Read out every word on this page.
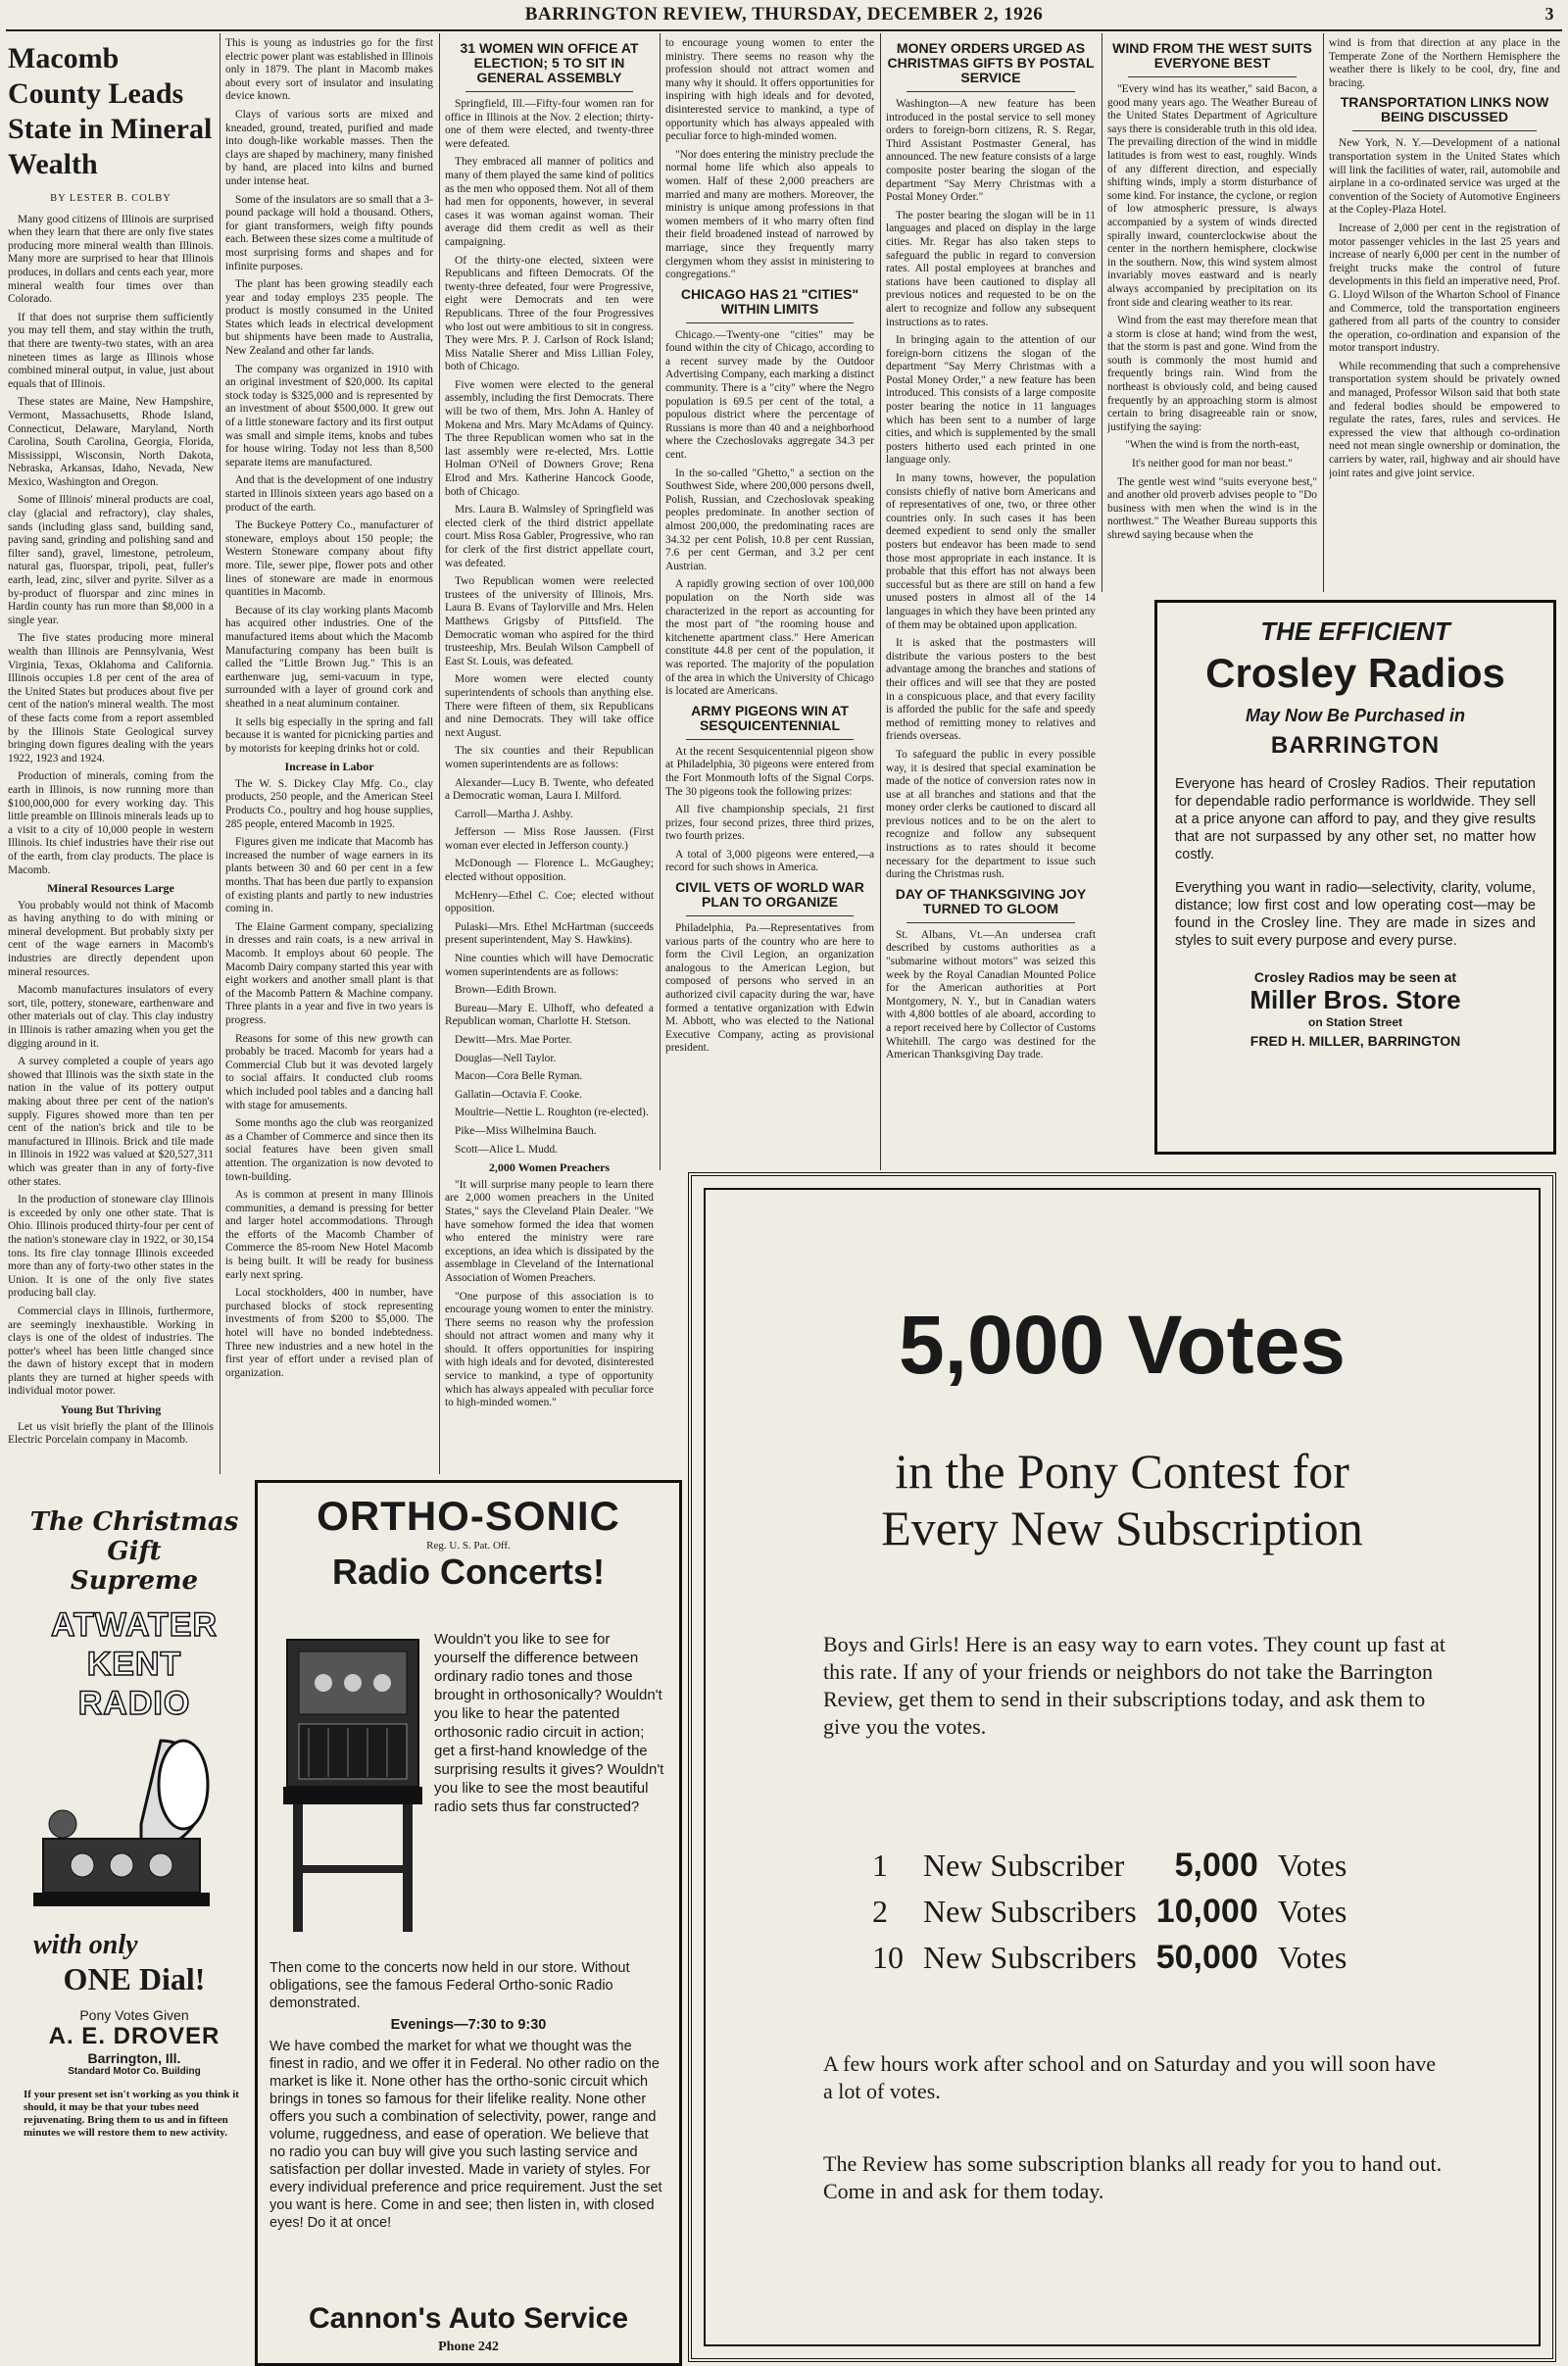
BARRINGTON REVIEW, THURSDAY, DECEMBER 2, 1926	3
Macomb County Leads State in Mineral Wealth
BY LESTER B. COLBY

Many good citizens of Illinois are surprised when they learn that there are only five states producing more mineral wealth than Illinois. Many more are surprised to hear that Illinois produces, in dollars and cents each year, more mineral wealth four times over than Colorado.

If that does not surprise them sufficiently you may tell them, and stay within the truth, that there are twenty-two states, with an area nineteen times as large as Illinois whose combined mineral output, in value, just about equals that of Illinois.

These states are Maine, New Hampshire, Vermont, Massachusetts, Rhode Island, Connecticut, Delaware, Maryland, North Carolina, South Carolina, Georgia, Florida, Mississippi, Wisconsin, North Dakota, Nebraska, Arkansas, Idaho, Nevada, New Mexico, Washington and Oregon.

Some of Illinois' mineral products are coal, clay (glacial and refractory), clay shales, sands (including glass sand, building sand, paving sand, grinding and polishing sand and filter sand), gravel, limestone, petroleum, natural gas, fluorspar, tripoli, peat, fuller's earth, lead, zinc, silver and pyrite. Silver as a by-product of fluorspar and zinc mines in Hardin county has run more than $8,000 in a single year.

The five states producing more mineral wealth than Illinois are Pennsylvania, West Virginia, Texas, Oklahoma and California. Illinois occupies 1.8 per cent of the area of the United States but produces about five per cent of the nation's mineral wealth. The most of these facts come from a report assembled by the Illinois State Geological survey bringing down figures dealing with the years 1922, 1923 and 1924.

Production of minerals, coming from the earth in Illinois, is now running more than $100,000,000 for every working day. This little preamble on Illinois minerals leads up to a visit to a city of 10,000 people in western Illinois. Its chief industries have their rise out of the earth, from clay products. The place is Macomb.

Mineral Resources Large

You probably would not think of Macomb as having anything to do with mining or mineral development. But probably sixty per cent of the wage earners in Macomb's industries are directly dependent upon mineral resources.

Macomb manufactures insulators of every sort, tile, pottery, stoneware, earthenware and other materials out of clay. This clay industry in Illinois is rather amazing when you get the digging around in it.

A survey completed a couple of years ago showed that Illinois was the sixth state in the nation in the value of its pottery output making about three per cent of the nation's supply. Figures showed more than ten per cent of the nation's brick and tile to be manufactured in Illinois. Brick and tile made in Illinois in 1922 was valued at $20,527,311 which was greater than in any of forty-five other states.

In the production of stoneware clay Illinois is exceeded by only one other state. That is Ohio. Illinois produced thirty-four per cent of the nation's stoneware clay in 1922, or 30,154 tons. Its fire clay tonnage Illinois exceeded more than any of forty-two other states in the Union. It is one of the only five states producing ball clay.

Commercial clays in Illinois, furthermore, are seemingly inexhaustible. Working in clays is one of the oldest of industries. The potter's wheel has been little changed since the dawn of history except that in modern plants they are turned at higher speeds with individual motor power.

Young But Thriving

Let us visit briefly the plant of the Illinois Electric Porcelain company in Macomb.

This is young as industries go for the first electric power plant was established in Illinois only in 1879. The plant in Macomb makes about every sort of insulator and insulating device known.

Clays of various sorts are mixed and kneaded, ground, treated, purified and made into dough-like workable masses. Then the clays are shaped by machinery, many finished by hand, are placed into kilns and burned under intense heat.

Some of the insulators are so small that a 3-pound package will hold a thousand. Others, for giant transformers, weigh fifty pounds each. Between these sizes come a multitude of most surprising forms and shapes and for infinite purposes.

The plant has been growing steadily each year and today employs 235 people. The product is mostly consumed in the United States which leads in electrical development but shipments have been made to Australia, New Zealand and other far lands.

The company was organized in 1910 with an original investment of $20,000. Its capital stock today is $325,000 and is represented by an investment of about $500,000. It grew out of a little stoneware factory and its first output was small and simple items, knobs and tubes for house wiring. Today not less than 8,500 separate items are manufactured.

And that is the development of one industry started in Illinois sixteen years ago based on a product of the earth.

The Buckeye Pottery Co., manufacturer of stoneware, employs about 150 people; the Western Stoneware company about fifty more. Tile, sewer pipe, flower pots and other lines of stoneware are made in enormous quantities in Macomb.

Because of its clay working plants Macomb has acquired other industries. One of the manufactured items about which the Macomb Manufacturing company has been built is called the "Little Brown Jug." This is an earthenware jug, semi-vacuum in type, surrounded with a layer of ground cork and sheathed in a neat aluminum container.

It sells big especially in the spring and fall because it is wanted for picnicking parties and by motorists for keeping drinks hot or cold.

Increase in Labor

The W. S. Dickey Clay Mfg. Co., clay products, 250 people, and the American Steel Products Co., poultry and hog house supplies, 285 people, entered Macomb in 1925.

Figures given me indicate that Macomb has increased the number of wage earners in its plants between 30 and 60 per cent in a few months. That has been due partly to expansion of existing plants and partly to new industries coming in.

The Elaine Garment company, specializing in dresses and rain coats, is a new arrival in Macomb. It employs about 60 people. The Macomb Dairy company started this year with eight workers and another small plant is that of the Macomb Pattern & Machine company. Three plants in a year and five in two years is progress.

Reasons for some of this new growth can probably be traced. Macomb for years had a Commercial Club but it was devoted largely to social affairs. It conducted club rooms which included pool tables and a dancing hall with stage for amusements.

Some months ago the club was reorganized as a Chamber of Commerce and since then its social features have been given small attention. The organization is now devoted to town-building.

As is common at present in many Illinois communities, a demand is pressing for better and larger hotel accommodations. Through the efforts of the Macomb Chamber of Commerce the 85-room New Hotel Macomb is being built. It will be ready for business early next spring.

Local stockholders, 400 in number, have purchased blocks of stock representing investments of from $200 to $5,000. The hotel will have no bonded indebtedness. Three new industries and a new hotel in the first year of effort under a revised plan of organization.

31 WOMEN WIN OFFICE AT ELECTION; 5 TO SIT IN GENERAL ASSEMBLY

Springfield, Ill.—Fifty-four women ran for office in Illinois at the Nov. 2 election; thirty-one of them were elected, and twenty-three were defeated.

They embraced all manner of politics and many of them played the same kind of politics as the men who opposed them. Not all of them had men for opponents, however, in several cases it was woman against woman. Their average did them credit as well as their campaigning.

Of the thirty-one elected, sixteen were Republicans and fifteen Democrats. Of the twenty-three defeated, four were Progressive, eight were Democrats and ten were Republicans. Three of the four Progressives who lost out were ambitious to sit in congress. They were Mrs. P. J. Carlson of Rock Island; Miss Natalie Sherer and Miss Lillian Foley, both of Chicago.

Five women were elected to the general assembly, including the first Democrats. There will be two of them, Mrs. John A. Hanley of Mokena and Mrs. Mary McAdams of Quincy. The three Republican women who sat in the last assembly were re-elected, Mrs. Lottie Holman O'Neil of Downers Grove; Rena Elrod and Mrs. Katherine Hancock Goode, both of Chicago.

Mrs. Laura B. Walmsley of Springfield was elected clerk of the third district appellate court. Miss Rosa Gabler, Progressive, who ran for clerk of the first district appellate court, was defeated.

Two Republican women were reelected trustees of the university of Illinois, Mrs. Laura B. Evans of Taylorville and Mrs. Helen Matthews Grigsby of Pittsfield. The Democratic woman who aspired for the third trusteeship, Mrs. Beulah Wilson Campbell of East St. Louis, was defeated.

More women were elected county superintendents of schools than anything else. There were fifteen of them, six Republicans and nine Democrats. They will take office next August.

The six counties and their Republican women superintendents are as follows:

Alexander—Lucy B. Twente, who defeated a Democratic woman, Laura I. Milford.

Carroll—Martha J. Ashby.

Jefferson — Miss Rose Jaussen. (First woman ever elected in Jefferson county.)

McDonough — Florence L. McGaughey; elected without opposition.

McHenry—Ethel C. Coe; elected without opposition.

Pulaski—Mrs. Ethel McHartman (succeeds present superintendent, May S. Hawkins).

Nine counties which will have Democratic women superintendents are as follows:

Brown—Edith Brown.

Bureau—Mary E. Ulhoff, who defeated a Republican woman, Charlotte H. Stetson.

Dewitt—Mrs. Mae Porter.

Douglas—Nell Taylor.

Macon—Cora Belle Ryman.

Gallatin—Octavia F. Cooke.

Moultrie—Nettie L. Roughton (re-elected).

Pike—Miss Wilhelmina Bauch.

Scott—Alice L. Mudd.

2,000 Women Preachers

"It will surprise many people to learn there are 2,000 women preachers in the United States," says the Cleveland Plain Dealer. "We have somehow formed the idea that women who entered the ministry were rare exceptions, an idea which is dissipated by the assemblage in Cleveland of the International Association of Women Preachers.

"One purpose of this association is to encourage young women to enter the ministry. There seems no reason why the profession should not attract women and many why it should. It offers opportunities for inspiring with high ideals and for devoted, disinterested service to mankind, a type of opportunity which has always appealed with peculiar force to high-minded women."

to encourage young women to enter the ministry. There seems no reason why the profession should not attract women and many why it should. It offers opportunities for inspiring with high ideals and for devoted, disinterested service to mankind, a type of opportunity which has always appealed with peculiar force to high-minded women.

"Nor does entering the ministry preclude the normal home life which also appeals to women. Half of these 2,000 preachers are married and many are mothers. Moreover, the ministry is unique among professions in that women members of it who marry often find their field broadened instead of narrowed by marriage, since they frequently marry clergymen whom they assist in ministering to congregations."

CHICAGO HAS 21 "CITIES" WITHIN LIMITS

Chicago.—Twenty-one "cities" may be found within the city of Chicago, according to a recent survey made by the Outdoor Advertising Company, each marking a distinct community. There is a "city" where the Negro population is 69.5 per cent of the total, a populous district where the percentage of Russians is more than 40 and a neighborhood where the Czechoslovaks aggregate 34.3 per cent.

In the so-called "Ghetto," a section on the Southwest Side, where 200,000 persons dwell, Polish, Russian, and Czechoslovak speaking peoples predominate. In another section of almost 200,000, the predominating races are 34.32 per cent Polish, 10.8 per cent Russian, 7.6 per cent German, and 3.2 per cent Austrian.

A rapidly growing section of over 100,000 population on the North side was characterized in the report as accounting for the most part of "the rooming house and kitchenette apartment class." Here American constitute 44.8 per cent of the population, it was reported. The majority of the population of the area in which the University of Chicago is located are Americans.

ARMY PIGEONS WIN AT SESQUICENTENNIAL

At the recent Sesquicentennial pigeon show at Philadelphia, 30 pigeons were entered from the Fort Monmouth lofts of the Signal Corps. The 30 pigeons took the following prizes:

All five championship specials, 21 first prizes, four second prizes, three third prizes, two fourth prizes.

A total of 3,000 pigeons were entered,—a record for such shows in America.

CIVIL VETS OF WORLD WAR PLAN TO ORGANIZE

Philadelphia, Pa.—Representatives from various parts of the country who are here to form the Civil Legion, an organization analogous to the American Legion, but composed of persons who served in an authorized civil capacity during the war, have formed a tentative organization with Edwin M. Abbott, who was elected to the National Executive Company, acting as provisional president.

MONEY ORDERS URGED AS CHRISTMAS GIFTS BY POSTAL SERVICE

Washington—A new feature has been introduced in the postal service to sell money orders to foreign-born citizens, R. S. Regar, Third Assistant Postmaster General, has announced. The new feature consists of a large composite poster bearing the slogan of the department "Say Merry Christmas with a Postal Money Order."

The poster bearing the slogan will be in 11 languages and placed on display in the large cities. Mr. Regar has also taken steps to safeguard the public in regard to conversion rates. All postal employees at branches and stations have been cautioned to display all previous notices and requested to be on the alert to recognize and follow any subsequent instructions as to rates.

In bringing again to the attention of our foreign-born citizens the slogan of the department "Say Merry Christmas with a Postal Money Order," a new feature has been introduced. This consists of a large composite poster bearing the notice in 11 languages which has been sent to a number of large cities, and which is supplemented by the small posters hitherto used each printed in one language only.

In many towns, however, the population consists chiefly of native born Americans and of representatives of one, two, or three other countries only. In such cases it has been deemed expedient to send only the smaller posters but endeavor has been made to send those most appropriate in each instance. It is probable that this effort has not always been successful but as there are still on hand a few unused posters in almost all of the 14 languages in which they have been printed any of them may be obtained upon application.

It is asked that the postmasters will distribute the various posters to the best advantage among the branches and stations of their offices and will see that they are posted in a conspicuous place, and that every facility is afforded the public for the safe and speedy method of remitting money to relatives and friends overseas.

To safeguard the public in every possible way, it is desired that special examination be made of the notice of conversion rates now in use at all branches and stations and that the money order clerks be cautioned to discard all previous notices and to be on the alert to recognize and follow any subsequent instructions as to rates should it become necessary for the department to issue such during the Christmas rush.

DAY OF THANKSGIVING JOY TURNED TO GLOOM

St. Albans, Vt.—An undersea craft described by customs authorities as a "submarine without motors" was seized this week by the Royal Canadian Mounted Police for the American authorities at Port Montgomery, N. Y., but in Canadian waters with 4,800 bottles of ale aboard, according to a report received here by Collector of Customs Whitehill. The cargo was destined for the American Thanksgiving Day trade.

WIND FROM THE WEST SUITS EVERYONE BEST

"Every wind has its weather," said Bacon, a good many years ago. The Weather Bureau of the United States Department of Agriculture says there is considerable truth in this old idea. The prevailing direction of the wind in middle latitudes is from west to east, roughly. Winds of any different direction, and especially shifting winds, imply a storm disturbance of some kind. For instance, the cyclone, or region of low atmospheric pressure, is always accompanied by a system of winds directed spirally inward, counterclockwise about the center in the northern hemisphere, clockwise in the southern. Now, this wind system almost invariably moves eastward and is nearly always accompanied by precipitation on its front side and clearing weather to its rear.

Wind from the east may therefore mean that a storm is close at hand; wind from the west, that the storm is past and gone. Wind from the south is commonly the most humid and frequently brings rain. Wind from the northeast is obviously cold, and being caused frequently by an approaching storm is almost certain to bring disagreeable rain or snow, justifying the saying:

"When the wind is from the north-east,

It's neither good for man nor beast."

The gentle west wind "suits everyone best," and another old proverb advises people to "Do business with men when the wind is in the northwest." The Weather Bureau supports this shrewd saying because when the

wind is from that direction at any place in the Temperate Zone of the Northern Hemisphere the weather there is likely to be cool, dry, fine and bracing.

TRANSPORTATION LINKS NOW BEING DISCUSSED

New York, N. Y.—Development of a national transportation system in the United States which will link the facilities of water, rail, automobile and airplane in a co-ordinated service was urged at the convention of the Society of Automotive Engineers at the Copley-Plaza Hotel.

Increase of 2,000 per cent in the registration of motor passenger vehicles in the last 25 years and increase of nearly 6,000 per cent in the number of freight trucks make the control of future developments in this field an imperative need, Prof. G. Lloyd Wilson of the Wharton School of Finance and Commerce, told the transportation engineers gathered from all parts of the country to consider the operation, co-ordination and expansion of the motor transport industry.

While recommending that such a comprehensive transportation system should be privately owned and managed, Professor Wilson said that both state and federal bodies should be empowered to regulate the rates, fares, rules and services. He expressed the view that although co-ordination need not mean single ownership or domination, the carriers by water, rail, highway and air should have joint rates and give joint service.

The Christmas
Gift
Supreme
ATWATER
KENT
RADIO
with only
ONE Dial!
Pony Votes Given
A. E. DROVER
Barrington, Ill.
Standard Motor Co. Building
If your present set isn't working as you think it should, it may be that your tubes need rejuvenating. Bring them to us and in fifteen minutes we will restore them to new activity.
ORTHO-SONIC
Reg. U. S. Pat. Off.
Radio Concerts!
Wouldn't you like to see for yourself the difference between ordinary radio tones and those brought in orthosonically? Wouldn't you like to hear the patented orthosonic radio circuit in action; get a first-hand knowledge of the surprising results it gives? Wouldn't you like to see the most beautiful radio sets thus far constructed?
Then come to the concerts now held in our store. Without obligations, see the famous Federal Ortho-sonic Radio demonstrated.
Evenings—7:30 to 9:30
We have combed the market for what we thought was the finest in radio, and we offer it in Federal. No other radio on the market is like it. None other has the ortho-sonic circuit which brings in tones so famous for their lifelike reality. None other offers you such a combination of selectivity, power, range and volume, ruggedness, and ease of operation. We believe that no radio you can buy will give you such lasting service and satisfaction per dollar invested. Made in variety of styles. For every individual preference and price requirement. Just the set you want is here. Come in and see; then listen in, with closed eyes! Do it at once!
Cannon's Auto Service
Phone 242
THE EFFICIENT
Crosley Radios
May Now Be Purchased in
BARRINGTON
Everyone has heard of Crosley Radios. Their reputation for dependable radio performance is worldwide. They sell at a price anyone can afford to pay, and they give results that are not surpassed by any other set, no matter how costly.
Everything you want in radio—selectivity, clarity, volume, distance; low first cost and low operating cost—may be found in the Crosley line. They are made in sizes and styles to suit every purpose and every purse.
Crosley Radios may be seen at
Miller Bros. Store
on Station Street
FRED H. MILLER, BARRINGTON
5,000 Votes
in the Pony Contest for
Every New Subscription
Boys and Girls! Here is an easy way to earn votes. They count up fast at this rate. If any of your friends or neighbors do not take the Barrington Review, get them to send in their subscriptions today, and ask them to give you the votes.
1	New Subscriber	5,000	Votes
2	New Subscribers	10,000	Votes
10	New Subscribers	50,000	Votes
A few hours work after school and on Saturday and you will soon have a lot of votes.
The Review has some subscription blanks all ready for you to hand out. Come in and ask for them today.
